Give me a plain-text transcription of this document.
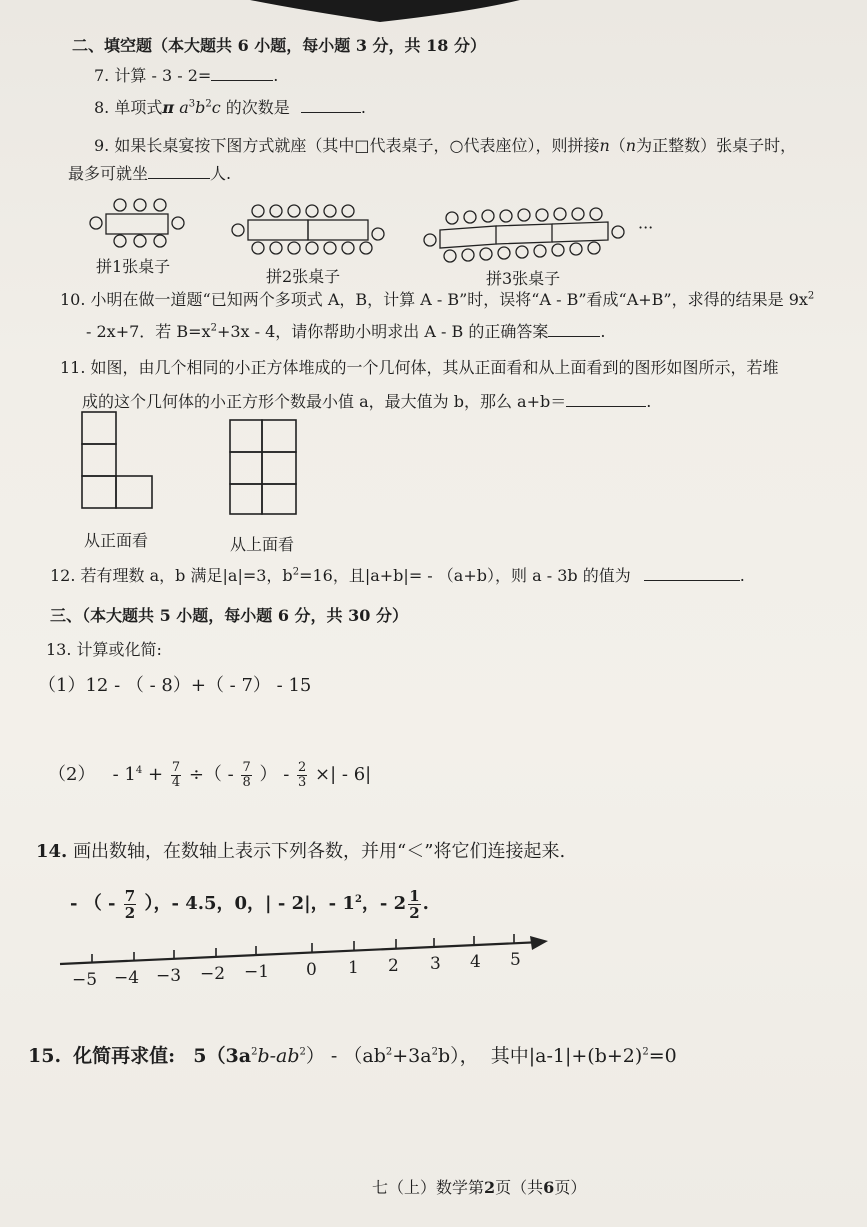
二、填空题（本大题共 6 小题，每小题 3 分，共 18 分）
7. 计算 - 3 - 2=	.
8. 单项式π $a^3b^2c$ 的次数是	.
9. 如果长桌宴按下图方式就座（其中□代表桌子，○代表座位），则拼接n（n为正整数）张桌子时，
最多可就坐	人.
拼1张桌子
拼2张桌子
···
拼3张桌子
10. 小明在做一道题“已知两个多项式 A，B，计算 A - B”时，误将“A - B”看成“A+B”，求得的结果是 $9x^2$
- 2x+7．若 $B=x^2+3x - 4$，请你帮助小明求出 A - B 的正确答案	.
11. 如图，由几个相同的小正方体堆成的一个几何体，其从正面看和从上面看到的图形如图所示，若堆
成的这个几何体的小正方形个数最小值 a，最大值为 b，那么 a+b＝	.
从正面看	从上面看
12. 若有理数 a，b 满足|a|=3，$b^2=16$，且|a+b|= - （a+b），则 a - 3b 的值为	.
三、（本大题共 5 小题，每小题 6 分，共 30 分）
13. 计算或化简:
（1）12 - （ - 8）+（ - 7） - 15
$(2) - 1^4 + \frac{7}{4}$ ÷（ - $\frac{7}{8}$ ） - $\frac{2}{3}$ ×| - 6|
14. 画出数轴，在数轴上表示下列各数，并用“＜”将它们连接起来.
- （ - $\frac{7}{2}$ ），- 4.5，0，| - 2|，- $1^2$，- $2 \frac{1}{2}$ .
−5 −4 −3 −2 −1 0 1 2 3 4 5
15. 化简再求值: $5(3a^2b-ab^2) - (ab^2+3a^2b)$， 其中$|a-1|+(b+2)^2=0$
七（上）数学第2页（共6页）
